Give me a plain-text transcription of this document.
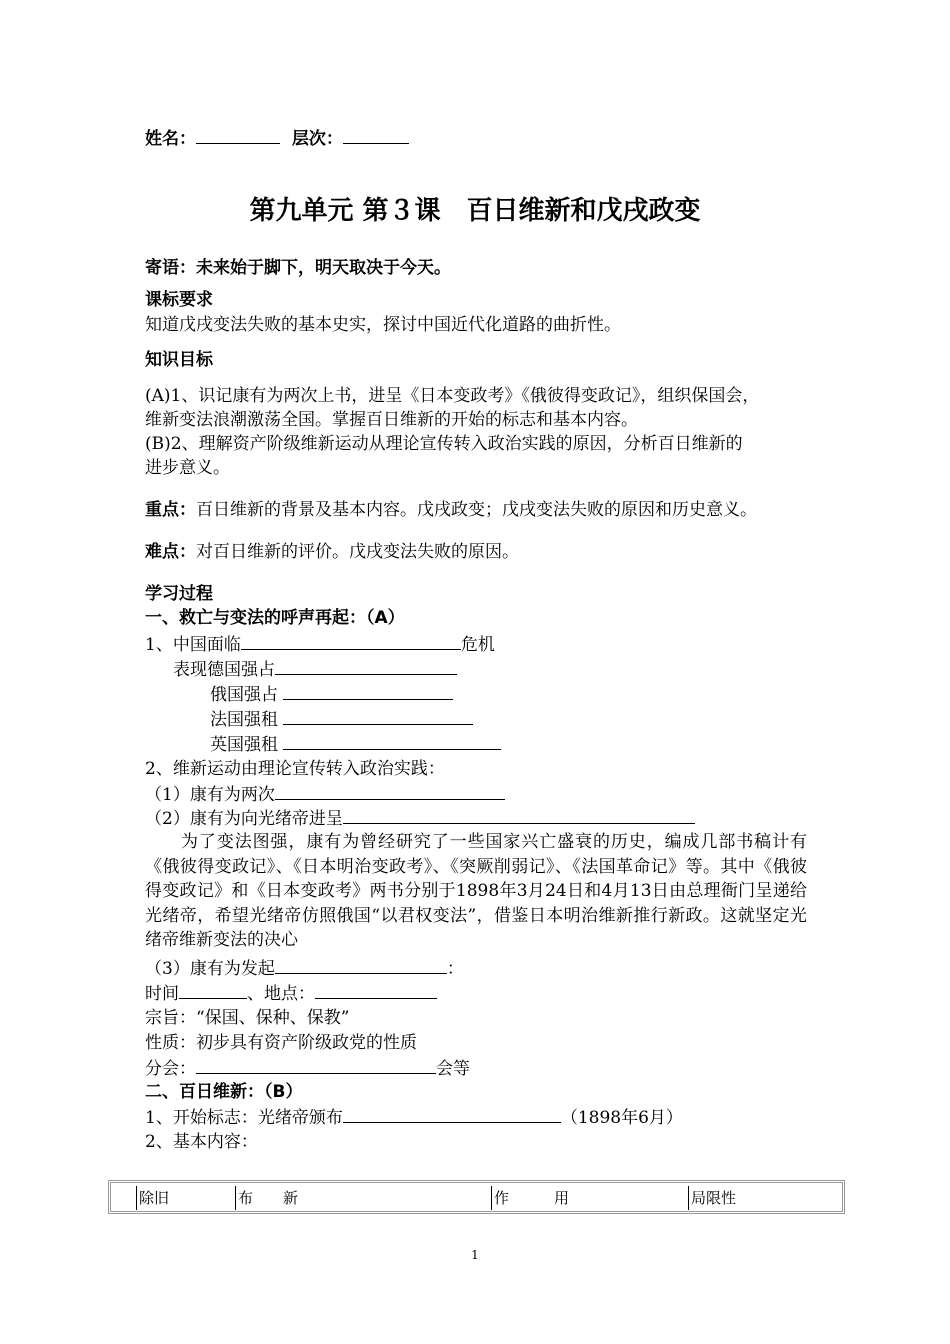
姓名：	层次：
第九单元 第３课　百日维新和戊戌政变
寄语：未来始于脚下，明天取决于今天。
课标要求
知道戊戌变法失败的基本史实，探讨中国近代化道路的曲折性。
知识目标
(A)1、识记康有为两次上书，进呈《日本变政考》《俄彼得变政记》，组织保国会，
维新变法浪潮激荡全国。掌握百日维新的开始的标志和基本内容。
(B)2、理解资产阶级维新运动从理论宣传转入政治实践的原因，分析百日维新的
进步意义。
重点：百日维新的背景及基本内容。戊戌政变；戊戌变法失败的原因和历史意义。
难点：对百日维新的评价。戊戌变法失败的原因。
学习过程
一、救亡与变法的呼声再起：（A）
1、中国面临	危机
表现德国强占
俄国强占
法国强租
英国强租
2、维新运动由理论宣传转入政治实践：
（1）康有为两次
（2）康有为向光绪帝进呈
为了变法图强，康有为曾经研究了一些国家兴亡盛衰的历史，编成几部书稿计有《俄彼得变政记》、《日本明治变政考》、《突厥削弱记》、《法国革命记》等。其中《俄彼得变政记》和《日本变政考》两书分别于1898年3月24日和4月13日由总理衙门呈递给光绪帝，希望光绪帝仿照俄国“以君权变法”，借鉴日本明治维新推行新政。这就坚定光绪帝维新变法的决心
（3）康有为发起	：
时间	、地点：
宗旨：“保国、保种、保教”
性质：初步具有资产阶级政党的性质
分会：	会等
二、百日维新：（B）
1、开始标志：光绪帝颁布	（1898年6月）
2、基本内容：
除旧	布　　新	作　　　用	局限性
1
